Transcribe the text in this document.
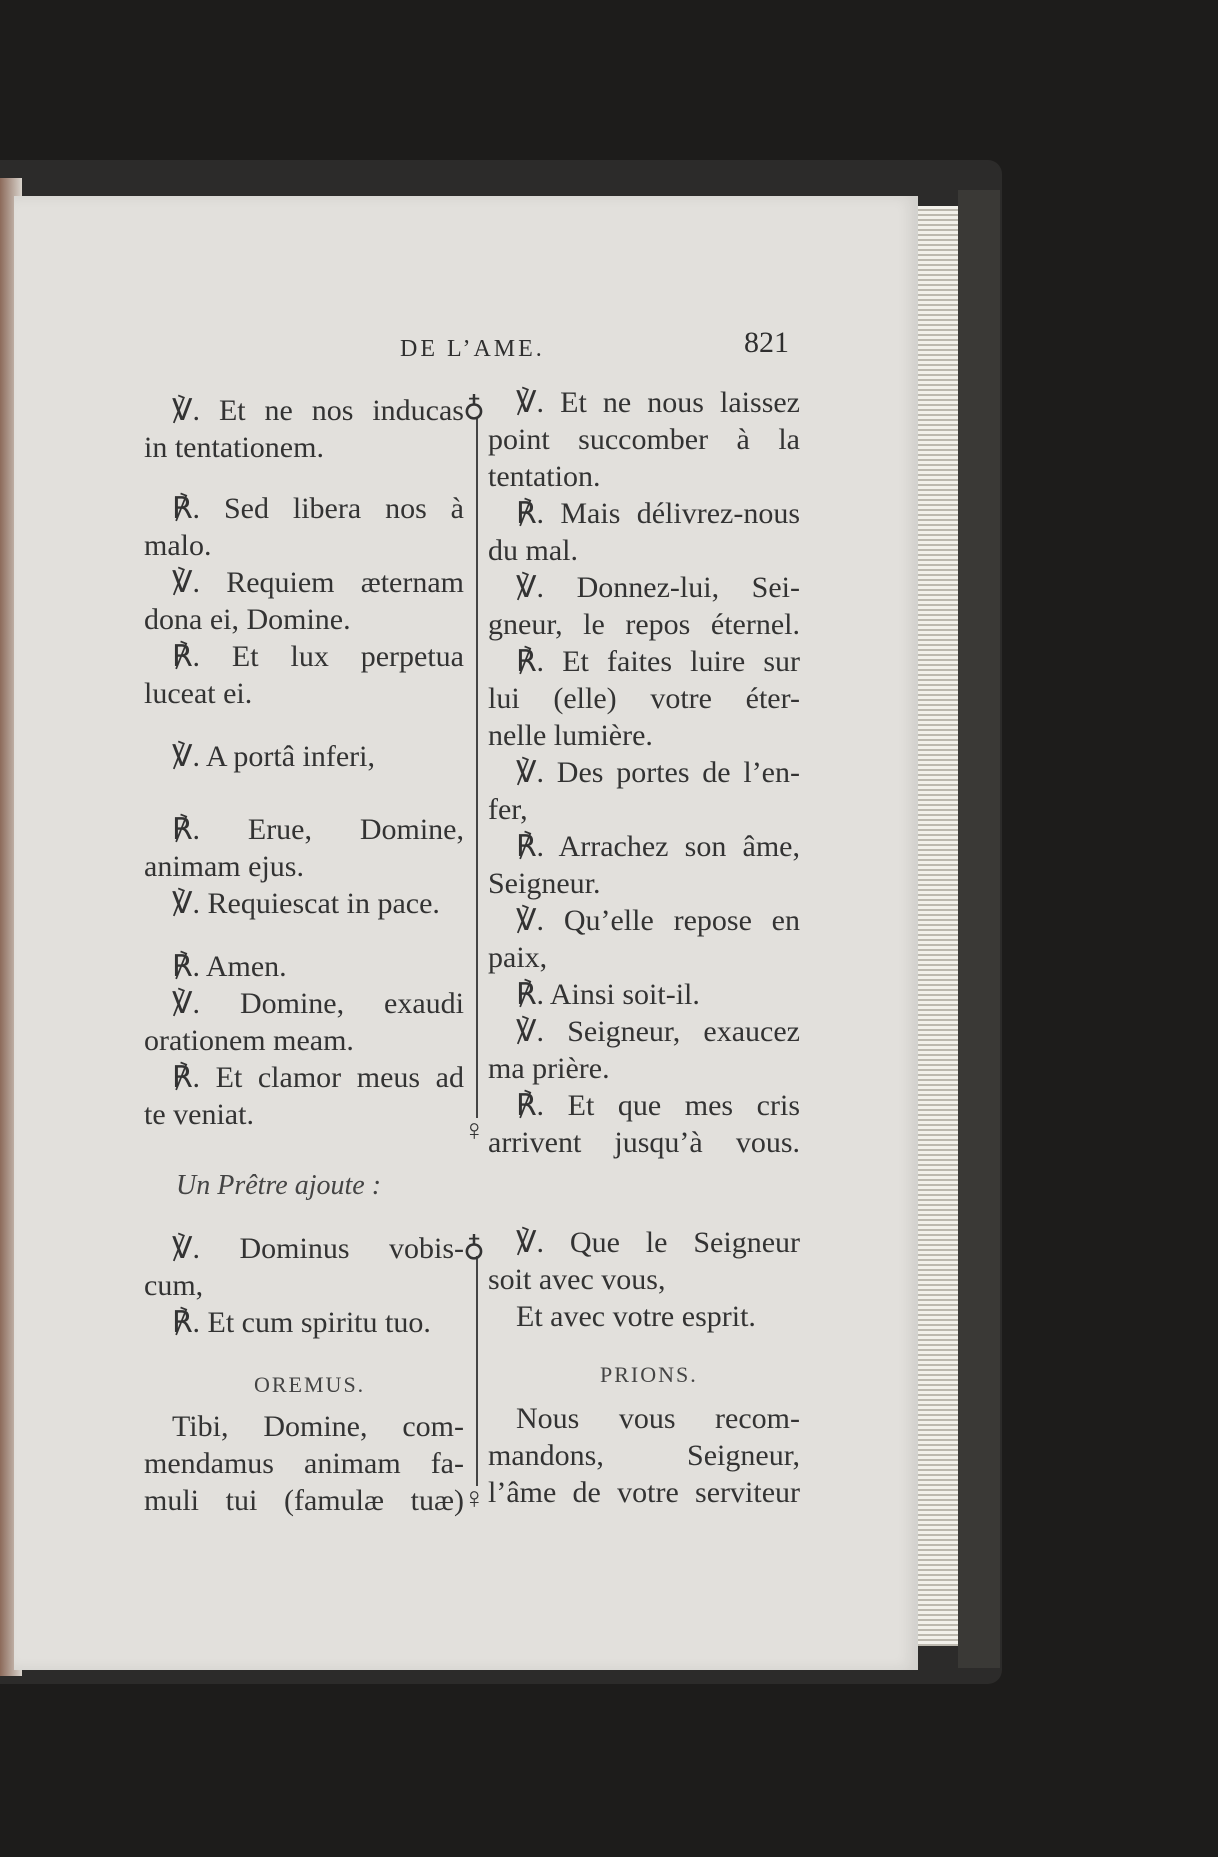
DE L’AME.	821

℣. Et ne nos inducas

in tentationem.

℟. Sed libera nos à

malo.

℣. Requiem æternam

dona ei, Domine.

℟. Et lux perpetua

luceat ei.

℣. A portâ inferi,

℟. Erue, Domine,

animam ejus.

℣. Requiescat in pace.

℟. Amen.

℣. Domine, exaudi

orationem meam.

℟. Et clamor meus ad

te veniat.

♁
♀

℣. Et ne nous laissez

point succomber à la

tentation.

℟. Mais délivrez-nous

du mal.

℣. Donnez-lui, Sei-

gneur, le repos éternel.

℟. Et faites luire sur

lui (elle) votre éter-

nelle lumière.

℣. Des portes de l’en-

fer,

℟. Arrachez son âme,

Seigneur.

℣. Qu’elle repose en

paix,

℟. Ainsi soit-il.

℣. Seigneur, exaucez

ma prière.

℟. Et que mes cris

arrivent jusqu’à vous.

Un Prêtre ajoute :

℣. Dominus vobis-

cum,

℟. Et cum spiritu tuo.

℣. Que le Seigneur

soit avec vous,

Et avec votre esprit.

OREMUS.	PRIONS.

Tibi, Domine, com-

mendamus animam fa-

muli tui (famulæ tuæ)

Nous vous recom-

mandons, Seigneur,

l’âme de votre serviteur

♁
♀
